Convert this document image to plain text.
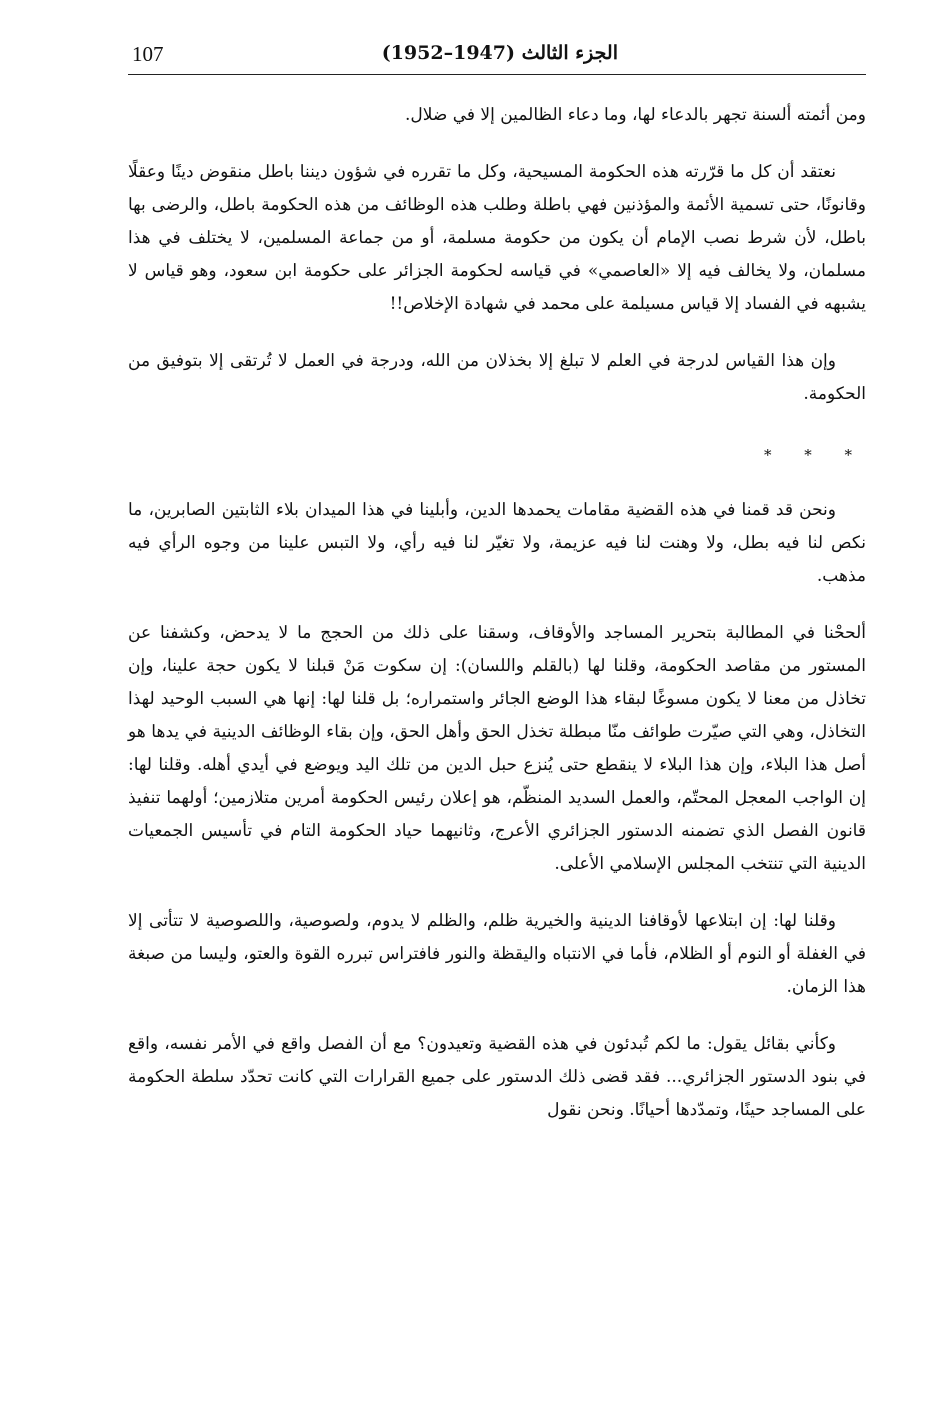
107	الجزء الثالث (1947–1952)

ومن أئمته ألسنة تجهر بالدعاء لها، وما دعاء الظالمين إلا في ضلال.

نعتقد أن كل ما قرّرته هذه الحكومة المسيحية، وكل ما تقرره في شؤون ديننا باطل منقوض دينًا وعقلًا وقانونًا، حتى تسمية الأئمة والمؤذنين فهي باطلة وطلب هذه الوظائف من هذه الحكومة باطل، والرضى بها باطل، لأن شرط نصب الإمام أن يكون من حكومة مسلمة، أو من جماعة المسلمين، لا يختلف في هذا مسلمان، ولا يخالف فيه إلا «العاصمي» في قياسه لحكومة الجزائر على حكومة ابن سعود، وهو قياس لا يشبهه في الفساد إلا قياس مسيلمة على محمد في شهادة الإخلاص!!

وإن هذا القياس لدرجة في العلم لا تبلغ إلا بخذلان من الله، ودرجة في العمل لا تُرتقى إلا بتوفيق من الحكومة.

* * *

ونحن قد قمنا في هذه القضية مقامات يحمدها الدين، وأبلينا في هذا الميدان بلاء الثابتين الصابرين، ما نكص لنا فيه بطل، ولا وهنت لنا فيه عزيمة، ولا تغيّر لنا فيه رأي، ولا التبس علينا من وجوه الرأي فيه مذهب.

ألححْنا في المطالبة بتحرير المساجد والأوقاف، وسقنا على ذلك من الحجج ما لا يدحض، وكشفنا عن المستور من مقاصد الحكومة، وقلنا لها (بالقلم واللسان): إن سكوت مَنْ قبلنا لا يكون حجة علينا، وإن تخاذل من معنا لا يكون مسوغًا لبقاء هذا الوضع الجائر واستمراره؛ بل قلنا لها: إنها هي السبب الوحيد لهذا التخاذل، وهي التي صيّرت طوائف منّا مبطلة تخذل الحق وأهل الحق، وإن بقاء الوظائف الدينية في يدها هو أصل هذا البلاء، وإن هذا البلاء لا ينقطع حتى يُنزع حبل الدين من تلك اليد ويوضع في أيدي أهله. وقلنا لها: إن الواجب المعجل المحتّم، والعمل السديد المنظّم، هو إعلان رئيس الحكومة أمرين متلازمين؛ أولهما تنفيذ قانون الفصل الذي تضمنه الدستور الجزائري الأعرج، وثانيهما حياد الحكومة التام في تأسيس الجمعيات الدينية التي تنتخب المجلس الإسلامي الأعلى.

وقلنا لها: إن ابتلاعها لأوقافنا الدينية والخيرية ظلم، والظلم لا يدوم، ولصوصية، واللصوصية لا تتأتى إلا في الغفلة أو النوم أو الظلام، فأما في الانتباه واليقظة والنور فافتراس تبرره القوة والعتو، وليسا من صبغة هذا الزمان.

وكأني بقائل يقول: ما لكم تُبدئون في هذه القضية وتعيدون؟ مع أن الفصل واقع في الأمر نفسه، واقع في بنود الدستور الجزائري... فقد قضى ذلك الدستور على جميع القرارات التي كانت تحدّد سلطة الحكومة على المساجد حينًا، وتمدّدها أحيانًا. ونحن نقول
